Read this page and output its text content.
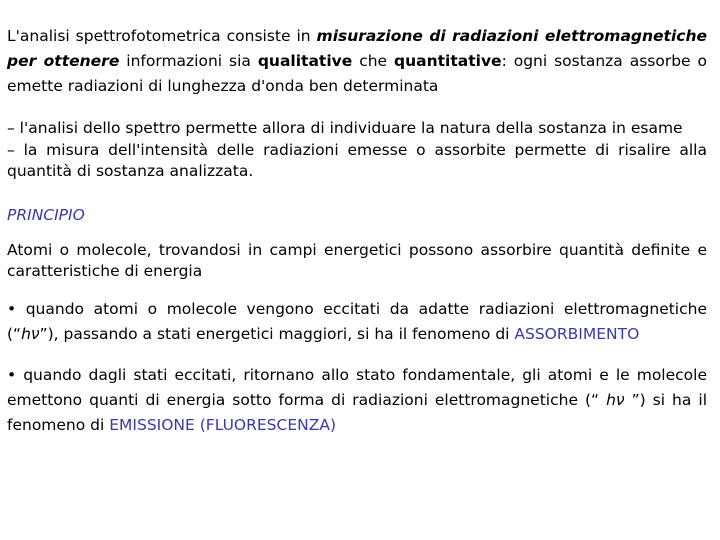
L'analisi spettrofotometrica consiste in misurazione di radiazioni elettromagnetiche per ottenere informazioni sia qualitative che quantitative: ogni sostanza assorbe o emette radiazioni di lunghezza d'onda ben determinata

– l'analisi dello spettro permette allora di individuare la natura della sostanza in esame

– la misura dell'intensità delle radiazioni emesse o assorbite permette di risalire alla quantità di sostanza analizzata.

PRINCIPIO

Atomi o molecole, trovandosi in campi energetici possono assorbire quantità definite e caratteristiche di energia

• quando atomi o molecole vengono eccitati da adatte radiazioni elettromagnetiche (“hν”), passando a stati energetici maggiori, si ha il fenomeno di ASSORBIMENTO

• quando dagli stati eccitati, ritornano allo stato fondamentale, gli atomi e le molecole emettono quanti di energia sotto forma di radiazioni elettromagnetiche (“ hν ”) si ha il fenomeno di EMISSIONE (FLUORESCENZA)
